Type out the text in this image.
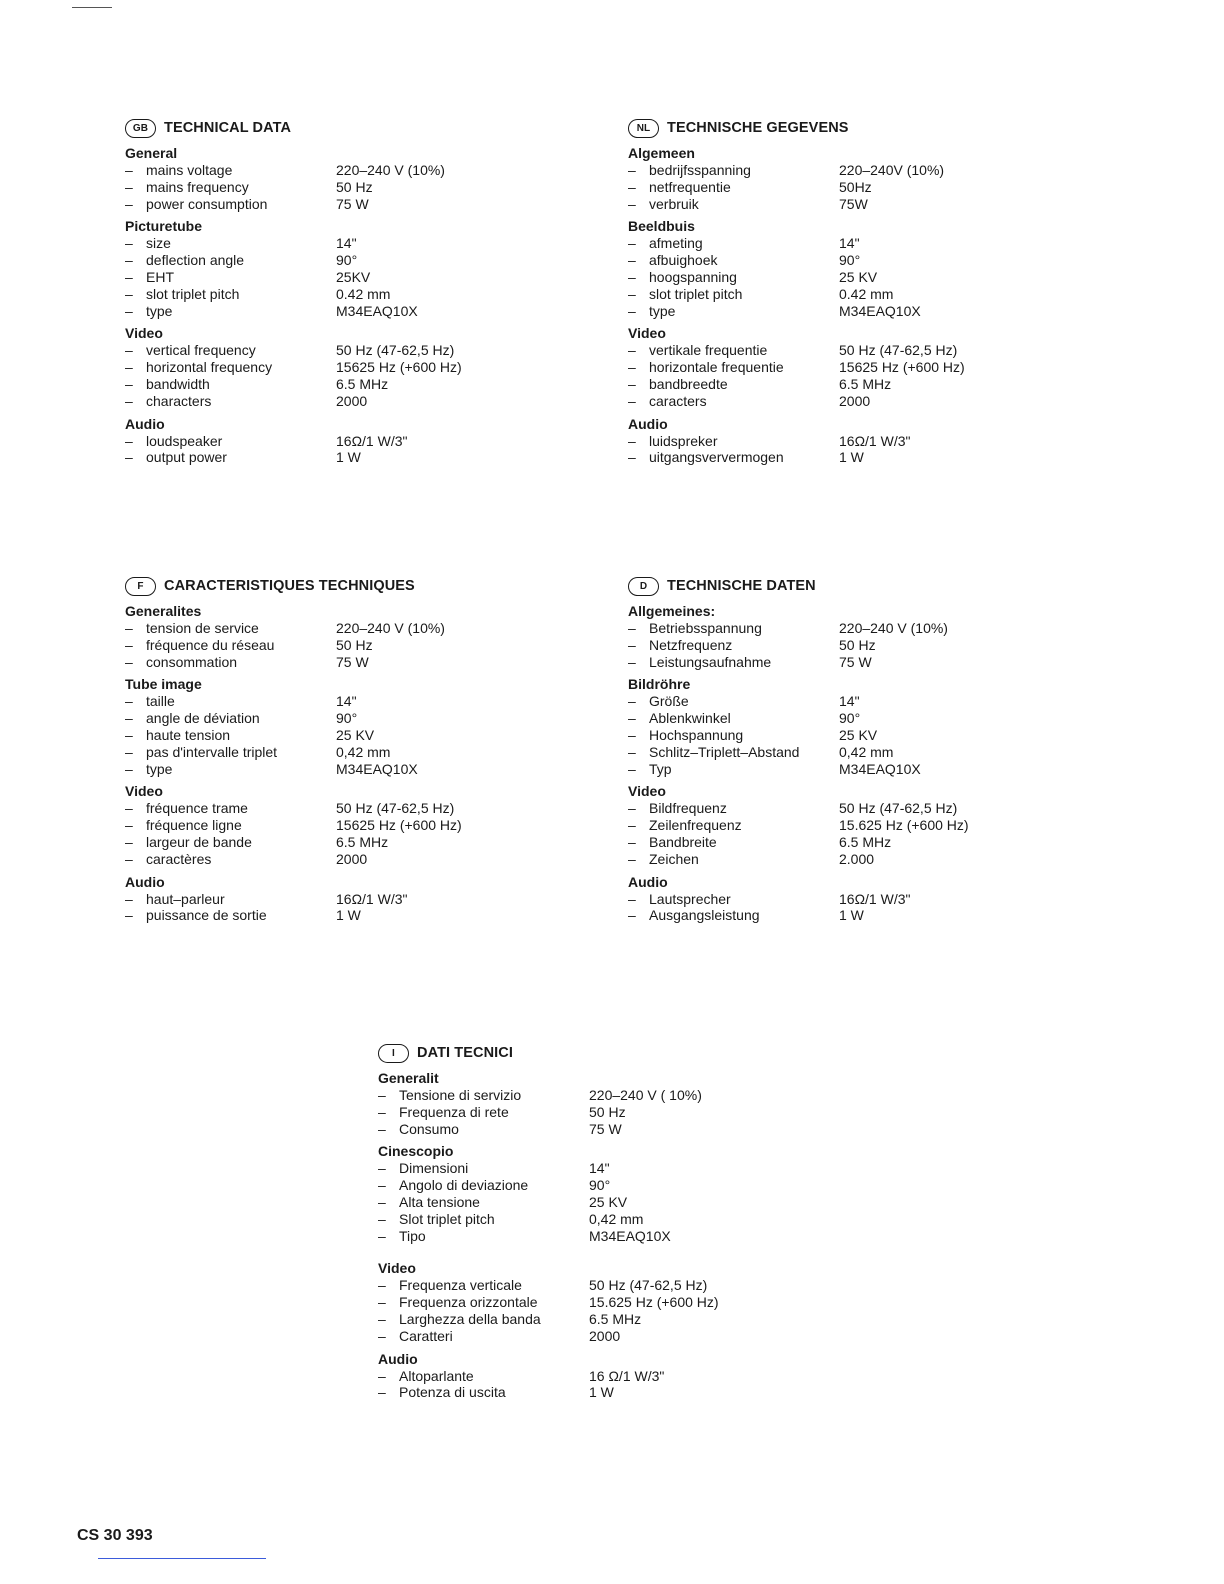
GB	TECHNICAL DATA
General
– mains voltage	220–240 V (10%)
– mains frequency	50 Hz
– power consumption	75 W
Picturetube
– size	14"
– deflection angle	90°
– EHT	25KV
– slot triplet pitch	0.42 mm
– type	M34EAQ10X
Video
– vertical frequency	50 Hz (47-62,5 Hz)
– horizontal frequency	15625 Hz (+600 Hz)
– bandwidth	6.5 MHz
– characters	2000
Audio
– loudspeaker	16Ω/1 W/3"
– output power	1 W
NL	TECHNISCHE GEGEVENS
Algemeen
– bedrijfsspanning	220–240V (10%)
– netfrequentie	50Hz
– verbruik	75W
Beeldbuis
– afmeting	14"
– afbuighoek	90°
– hoogspanning	25 KV
– slot triplet pitch	0.42 mm
– type	M34EAQ10X
Video
– vertikale frequentie	50 Hz (47-62,5 Hz)
– horizontale frequentie	15625 Hz (+600 Hz)
– bandbreedte	6.5 MHz
– caracters	2000
Audio
– luidspreker	16Ω/1 W/3"
– uitgangsververmogen	1 W
F	CARACTERISTIQUES TECHNIQUES
Generalites
– tension de service	220–240 V (10%)
– fréquence du réseau	50 Hz
– consommation	75 W
Tube image
– taille	14"
– angle de déviation	90°
– haute tension	25 KV
– pas d'intervalle triplet	0,42 mm
– type	M34EAQ10X
Video
– fréquence trame	50 Hz (47-62,5 Hz)
– fréquence ligne	15625 Hz (+600 Hz)
– largeur de bande	6.5 MHz
– caractères	2000
Audio
– haut–parleur	16Ω/1 W/3"
– puissance de sortie	1 W
D	TECHNISCHE DATEN
Allgemeines:
– Betriebsspannung	220–240 V (10%)
– Netzfrequenz	50 Hz
– Leistungsaufnahme	75 W
Bildröhre
– Größe	14"
– Ablenkwinkel	90°
– Hochspannung	25 KV
– Schlitz–Triplett–Abstand	0,42 mm
– Typ	M34EAQ10X
Video
– Bildfrequenz	50 Hz (47-62,5 Hz)
– Zeilenfrequenz	15.625 Hz (+600 Hz)
– Bandbreite	6.5 MHz
– Zeichen	2.000
Audio
– Lautsprecher	16Ω/1 W/3"
– Ausgangsleistung	1 W
I	DATI TECNICI
Generalit
– Tensione di servizio	220–240 V ( 10%)
– Frequenza di rete	50 Hz
– Consumo	75 W
Cinescopio
– Dimensioni	14"
– Angolo di deviazione	90°
– Alta tensione	25 KV
– Slot triplet pitch	0,42 mm
– Tipo	M34EAQ10X
Video
– Frequenza verticale	50 Hz (47-62,5 Hz)
– Frequenza orizzontale	15.625 Hz (+600 Hz)
– Larghezza della banda	6.5 MHz
– Caratteri	2000
Audio
– Altoparlante	16 Ω/1 W/3"
– Potenza di uscita	1 W
CS 30 393
